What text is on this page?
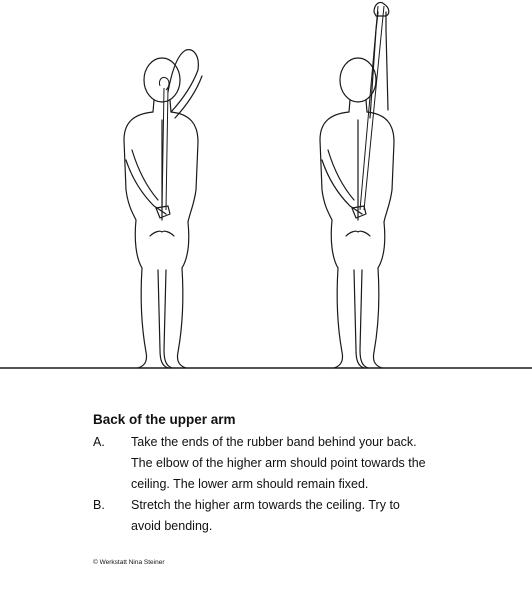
Back of the upper arm
A. Take the ends of the rubber band behind your back.
The elbow of the higher arm should point towards the
ceiling. The lower arm should remain fixed.
B. Stretch the higher arm towards the ceiling. Try to
avoid bending.
© Werkstatt Nina Steiner
